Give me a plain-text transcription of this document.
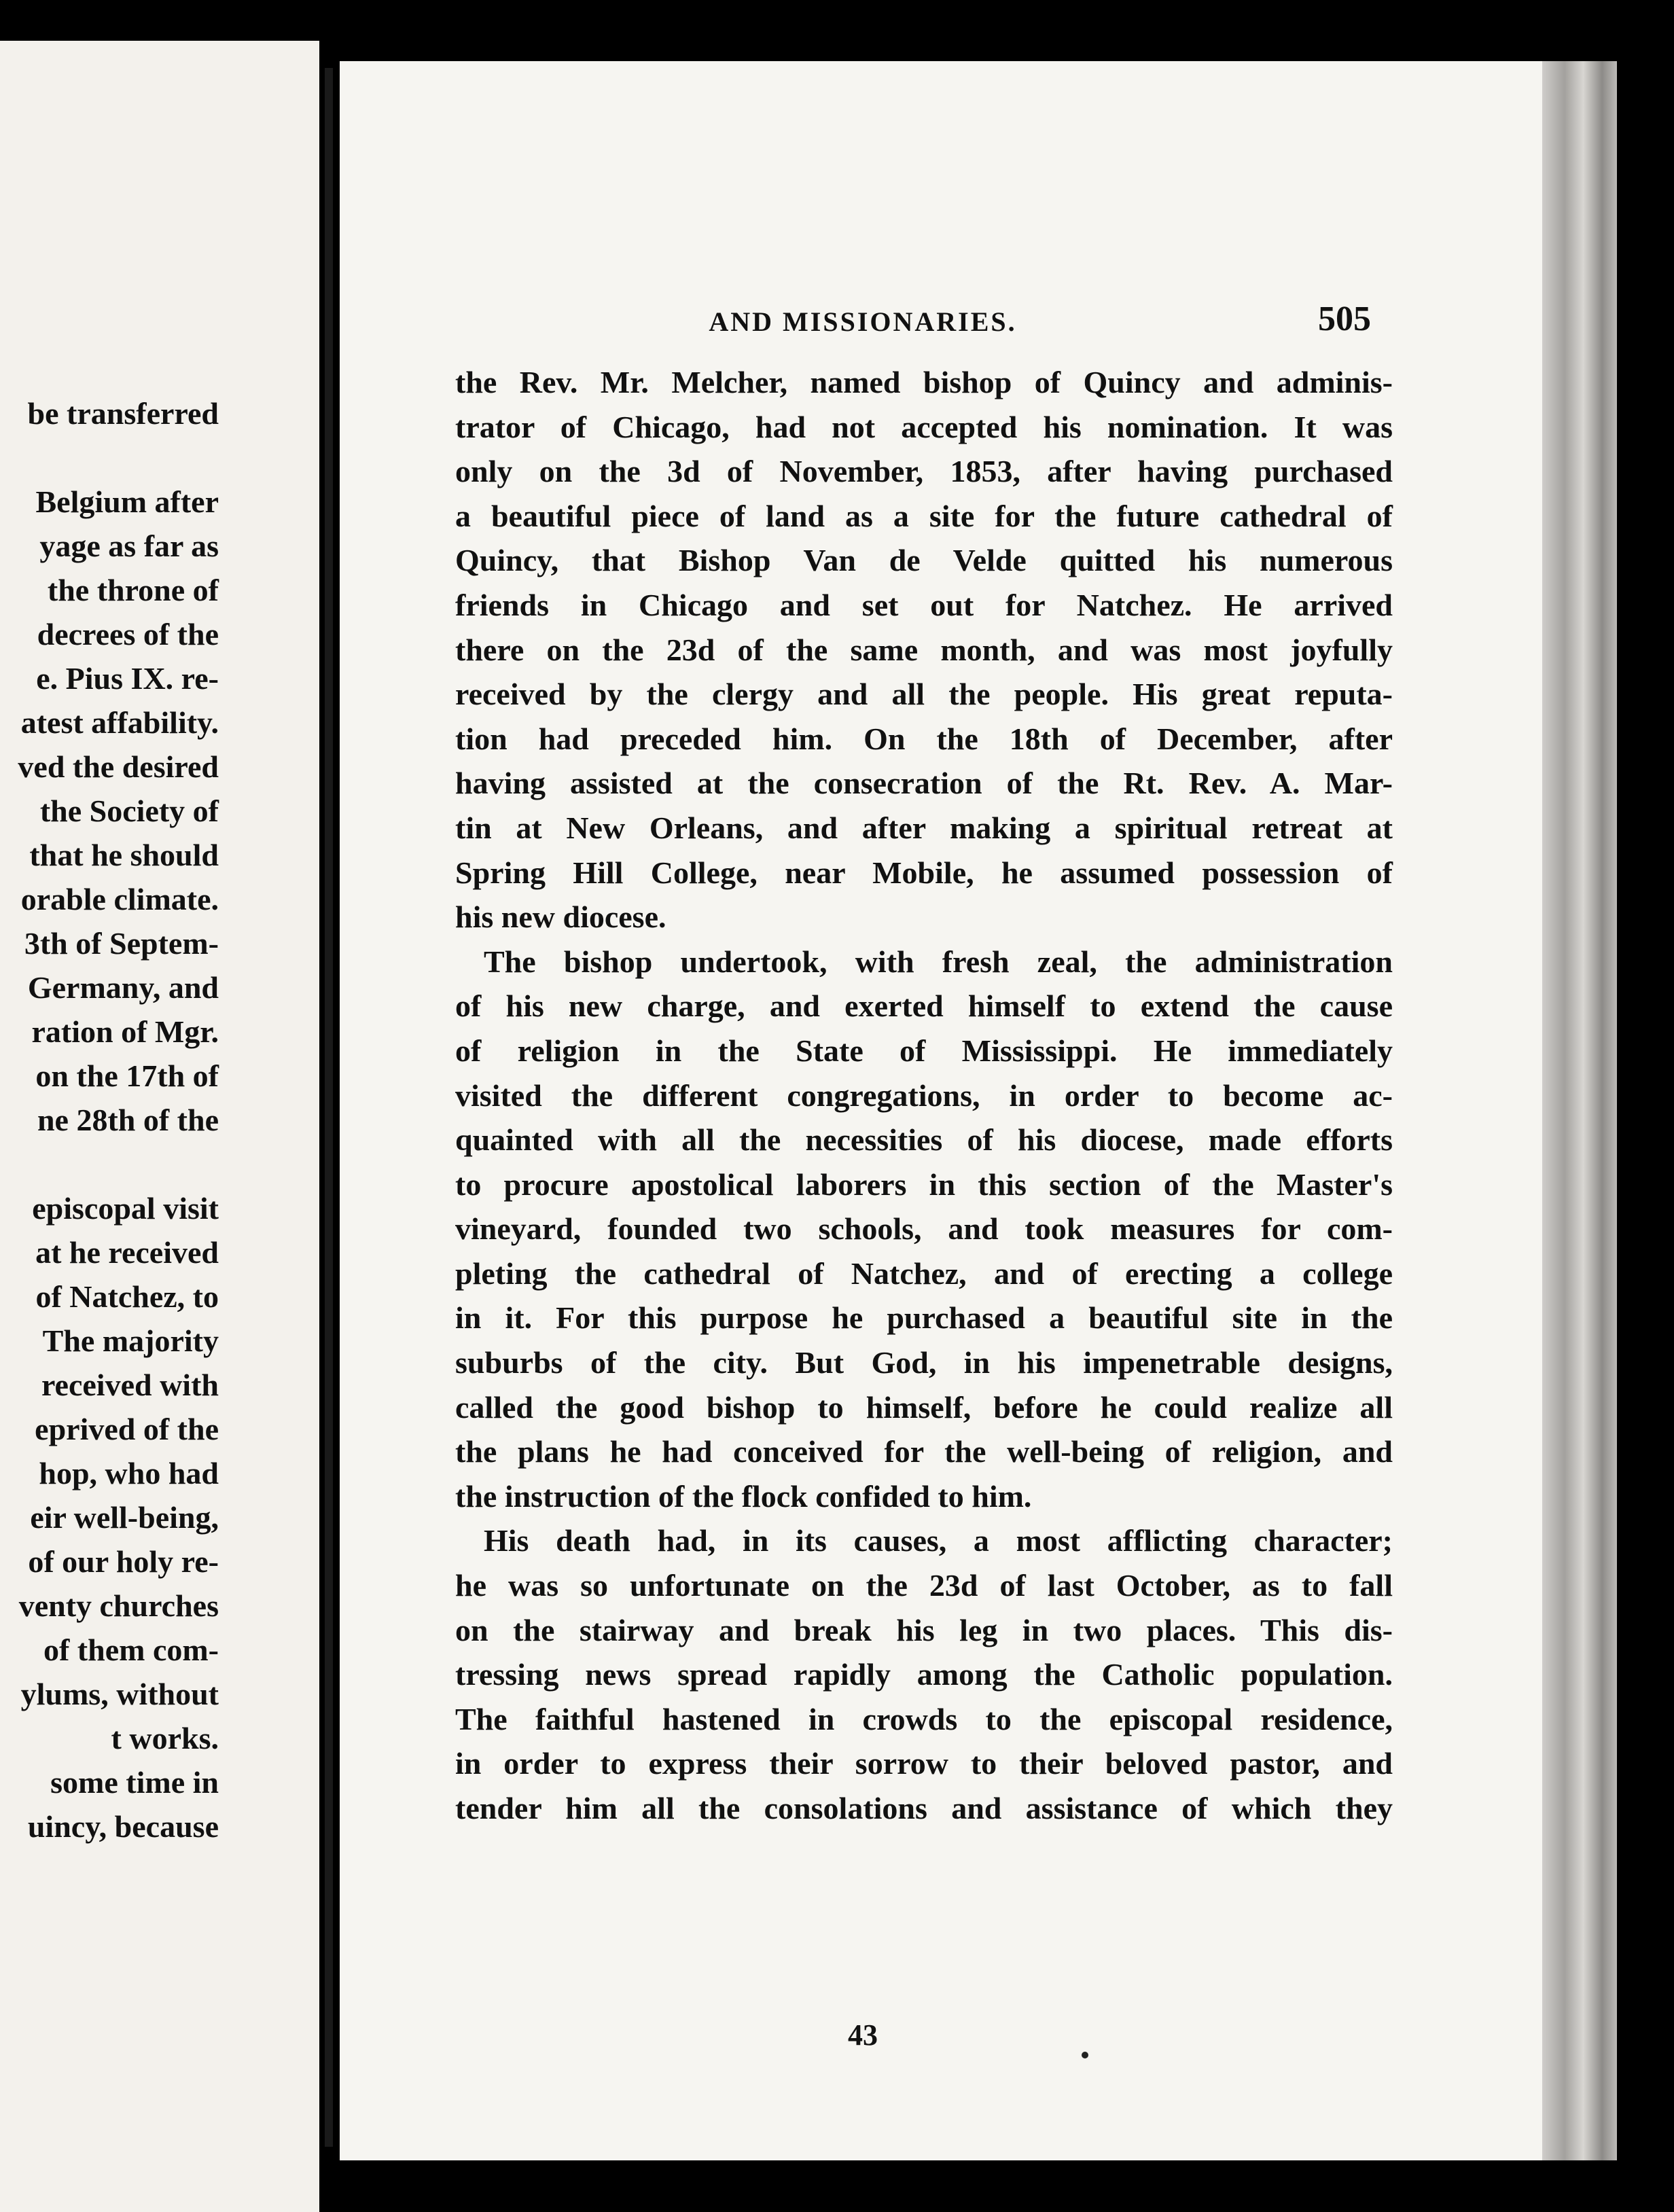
be transferred
Belgium after
yage as far as
the throne of
decrees of the
e. Pius IX. re-
atest affability.
ved the desired
the Society of
that he should
orable climate.
3th of Septem-
Germany, and
ration of Mgr.
on the 17th of
ne 28th of the
episcopal visit
at he received
of Natchez, to
The majority
received with
eprived of the
hop, who had
eir well-being,
of our holy re-
venty churches
of them com-
ylums, without
t works.
some time in
uincy, because
AND MISSIONARIES.	505
the Rev. Mr. Melcher, named bishop of Quincy and adminis-
trator of Chicago, had not accepted his nomination. It was
only on the 3d of November, 1853, after having purchased
a beautiful piece of land as a site for the future cathedral of
Quincy, that Bishop Van de Velde quitted his numerous
friends in Chicago and set out for Natchez. He arrived
there on the 23d of the same month, and was most joyfully
received by the clergy and all the people. His great reputa-
tion had preceded him. On the 18th of December, after
having assisted at the consecration of the Rt. Rev. A. Mar-
tin at New Orleans, and after making a spiritual retreat at
Spring Hill College, near Mobile, he assumed possession of
his new diocese.
The bishop undertook, with fresh zeal, the administration
of his new charge, and exerted himself to extend the cause
of religion in the State of Mississippi. He immediately
visited the different congregations, in order to become ac-
quainted with all the necessities of his diocese, made efforts
to procure apostolical laborers in this section of the Master's
vineyard, founded two schools, and took measures for com-
pleting the cathedral of Natchez, and of erecting a college
in it. For this purpose he purchased a beautiful site in the
suburbs of the city. But God, in his impenetrable designs,
called the good bishop to himself, before he could realize all
the plans he had conceived for the well-being of religion, and
the instruction of the flock confided to him.
His death had, in its causes, a most afflicting character;
he was so unfortunate on the 23d of last October, as to fall
on the stairway and break his leg in two places. This dis-
tressing news spread rapidly among the Catholic population.
The faithful hastened in crowds to the episcopal residence,
in order to express their sorrow to their beloved pastor, and
tender him all the consolations and assistance of which they
43
